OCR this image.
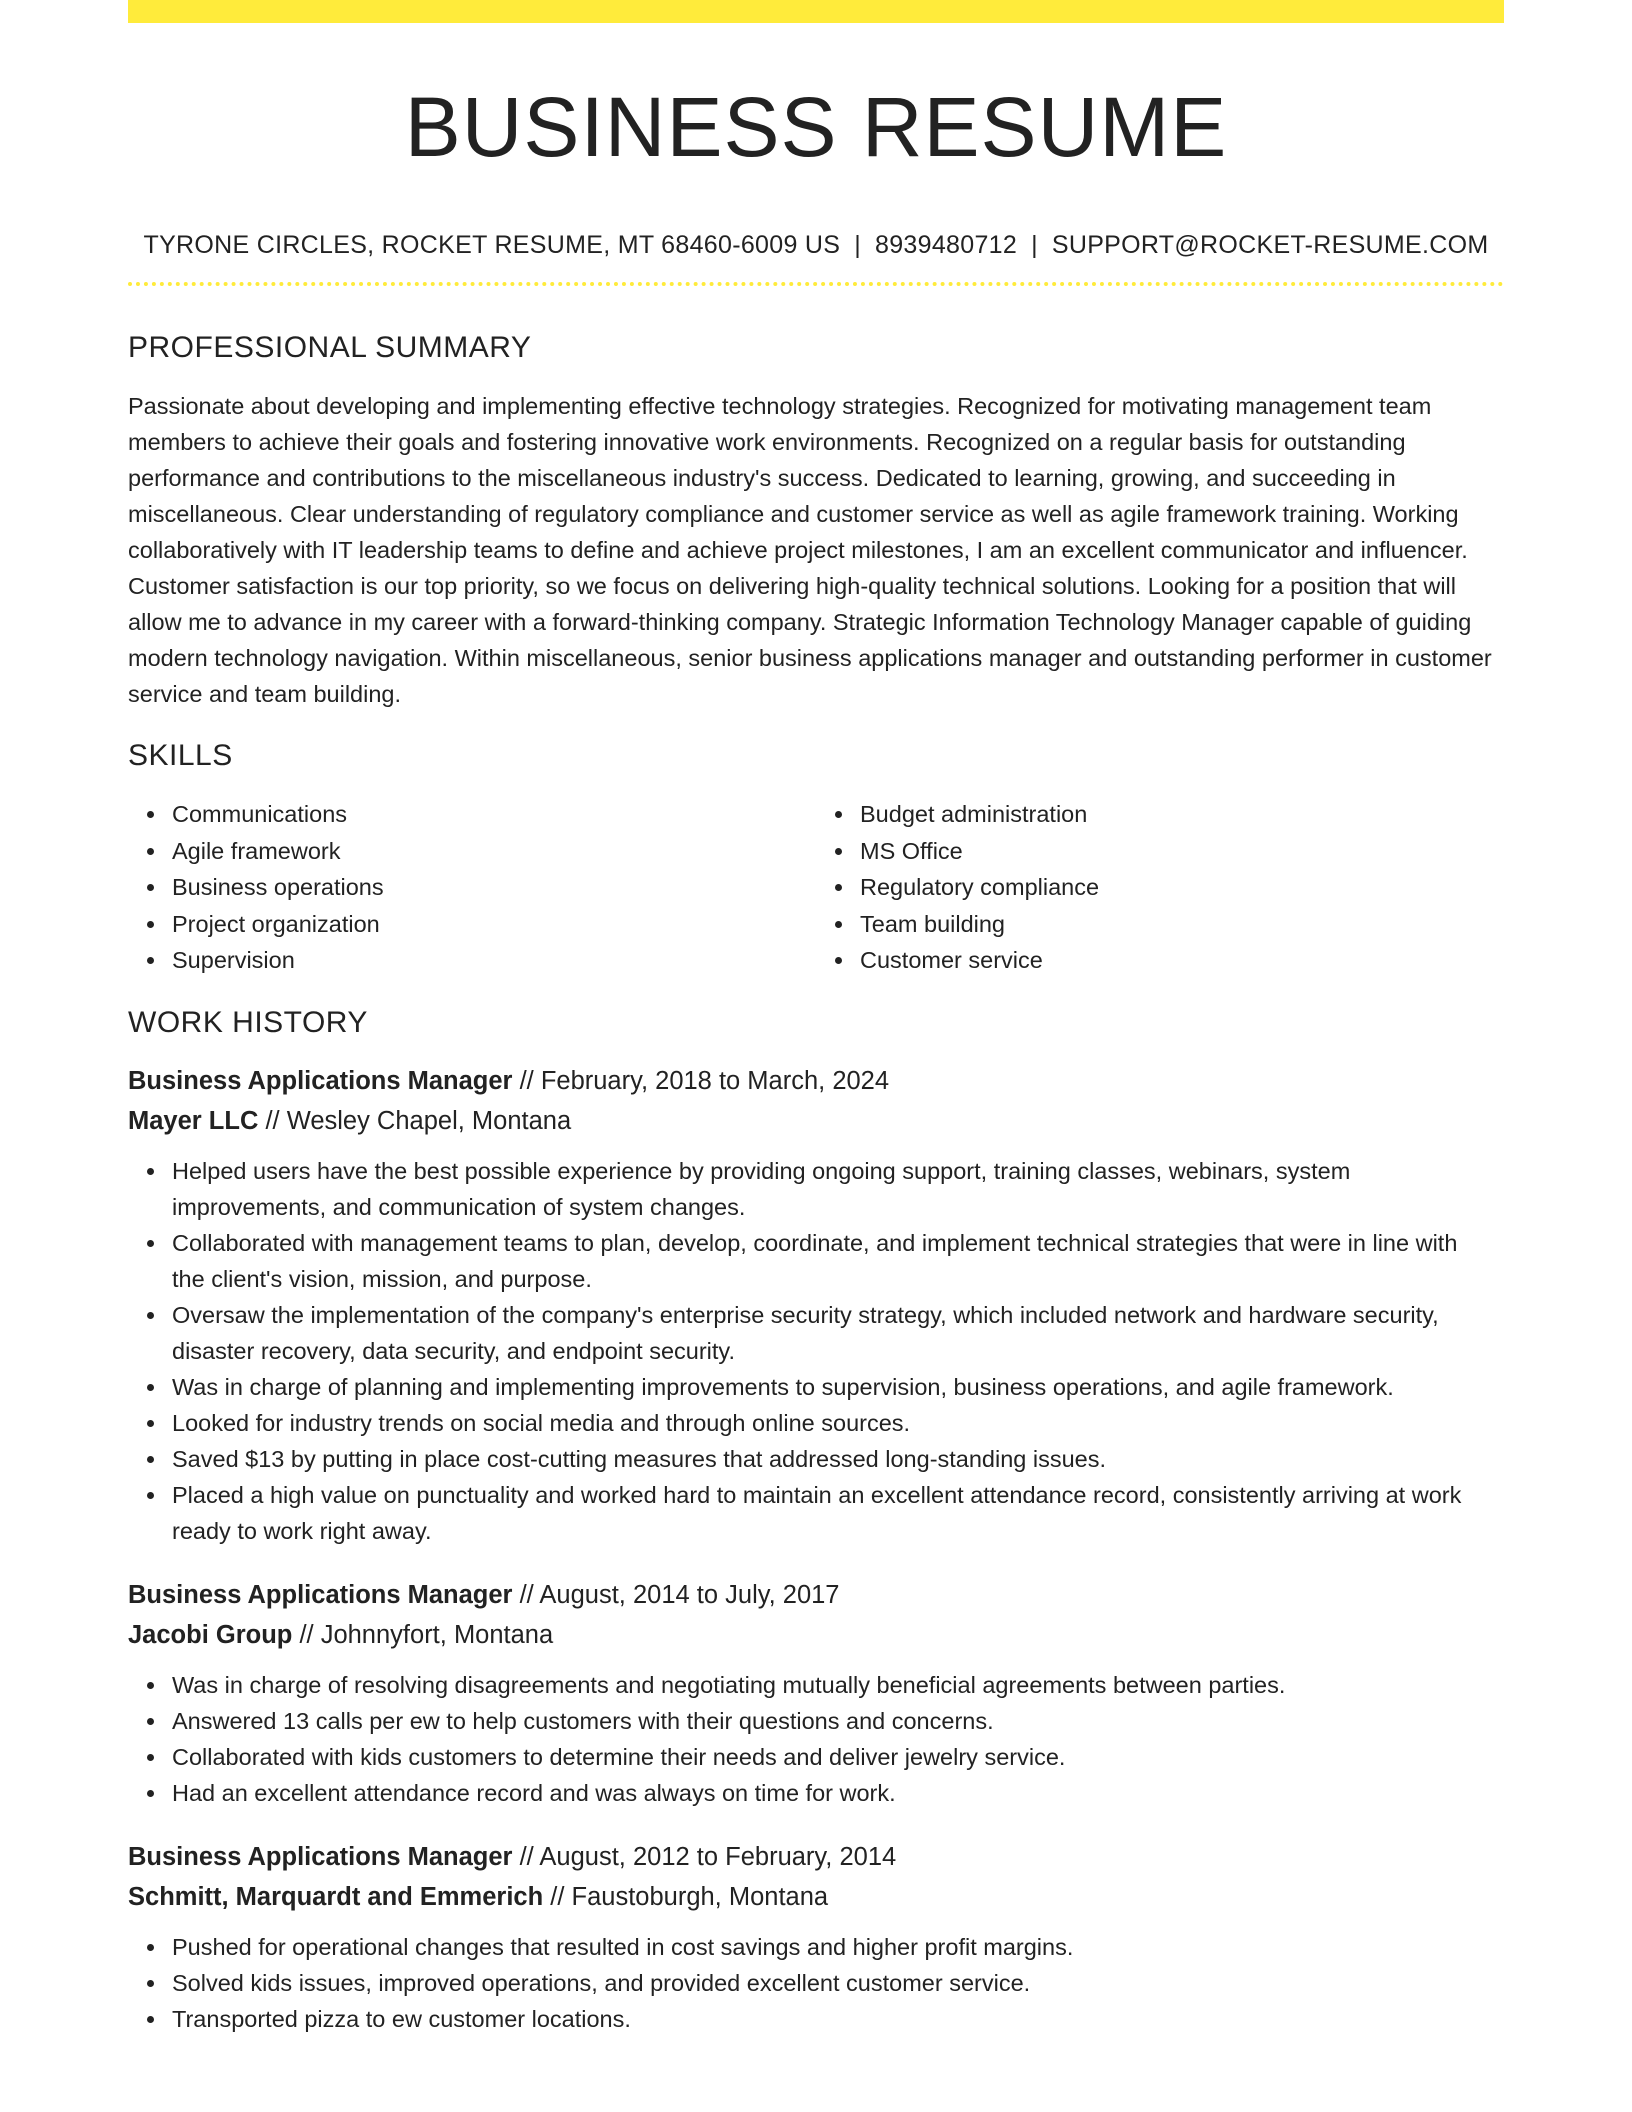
BUSINESS RESUME
TYRONE CIRCLES, ROCKET RESUME, MT 68460-6009 US | 8939480712 | SUPPORT@ROCKET-RESUME.COM
PROFESSIONAL SUMMARY
Passionate about developing and implementing effective technology strategies. Recognized for motivating management team members to achieve their goals and fostering innovative work environments. Recognized on a regular basis for outstanding performance and contributions to the miscellaneous industry's success. Dedicated to learning, growing, and succeeding in miscellaneous. Clear understanding of regulatory compliance and customer service as well as agile framework training. Working collaboratively with IT leadership teams to define and achieve project milestones, I am an excellent communicator and influencer. Customer satisfaction is our top priority, so we focus on delivering high-quality technical solutions. Looking for a position that will allow me to advance in my career with a forward-thinking company. Strategic Information Technology Manager capable of guiding modern technology navigation. Within miscellaneous, senior business applications manager and outstanding performer in customer service and team building.
SKILLS
Communications
Agile framework
Business operations
Project organization
Supervision
Budget administration
MS Office
Regulatory compliance
Team building
Customer service
WORK HISTORY
Business Applications Manager // February, 2018 to March, 2024
Mayer LLC // Wesley Chapel, Montana
Helped users have the best possible experience by providing ongoing support, training classes, webinars, system improvements, and communication of system changes.
Collaborated with management teams to plan, develop, coordinate, and implement technical strategies that were in line with the client's vision, mission, and purpose.
Oversaw the implementation of the company's enterprise security strategy, which included network and hardware security, disaster recovery, data security, and endpoint security.
Was in charge of planning and implementing improvements to supervision, business operations, and agile framework.
Looked for industry trends on social media and through online sources.
Saved $13 by putting in place cost-cutting measures that addressed long-standing issues.
Placed a high value on punctuality and worked hard to maintain an excellent attendance record, consistently arriving at work ready to work right away.
Business Applications Manager // August, 2014 to July, 2017
Jacobi Group // Johnnyfort, Montana
Was in charge of resolving disagreements and negotiating mutually beneficial agreements between parties.
Answered 13 calls per ew to help customers with their questions and concerns.
Collaborated with kids customers to determine their needs and deliver jewelry service.
Had an excellent attendance record and was always on time for work.
Business Applications Manager // August, 2012 to February, 2014
Schmitt, Marquardt and Emmerich // Faustoburgh, Montana
Pushed for operational changes that resulted in cost savings and higher profit margins.
Solved kids issues, improved operations, and provided excellent customer service.
Transported pizza to ew customer locations.
